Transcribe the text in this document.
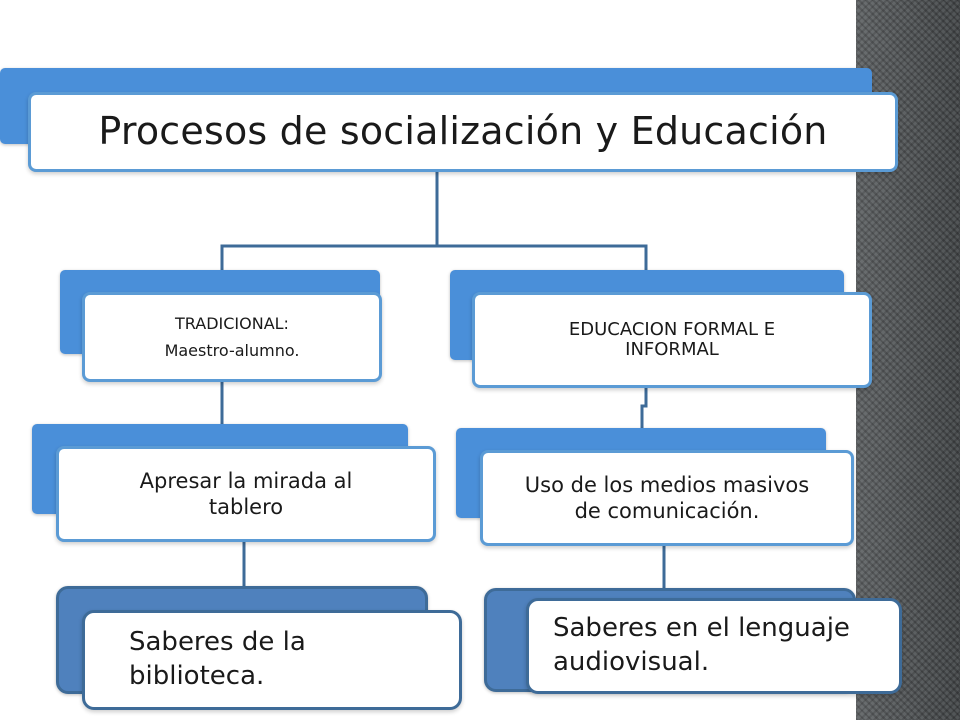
Procesos de socialización y Educación
TRADICIONAL:
Maestro-alumno.
EDUCACION FORMAL E
INFORMAL
Apresar la mirada al
tablero
Uso de los medios masivos
de comunicación.
Saberes de la
biblioteca.
Saberes en el lenguaje
audiovisual.
